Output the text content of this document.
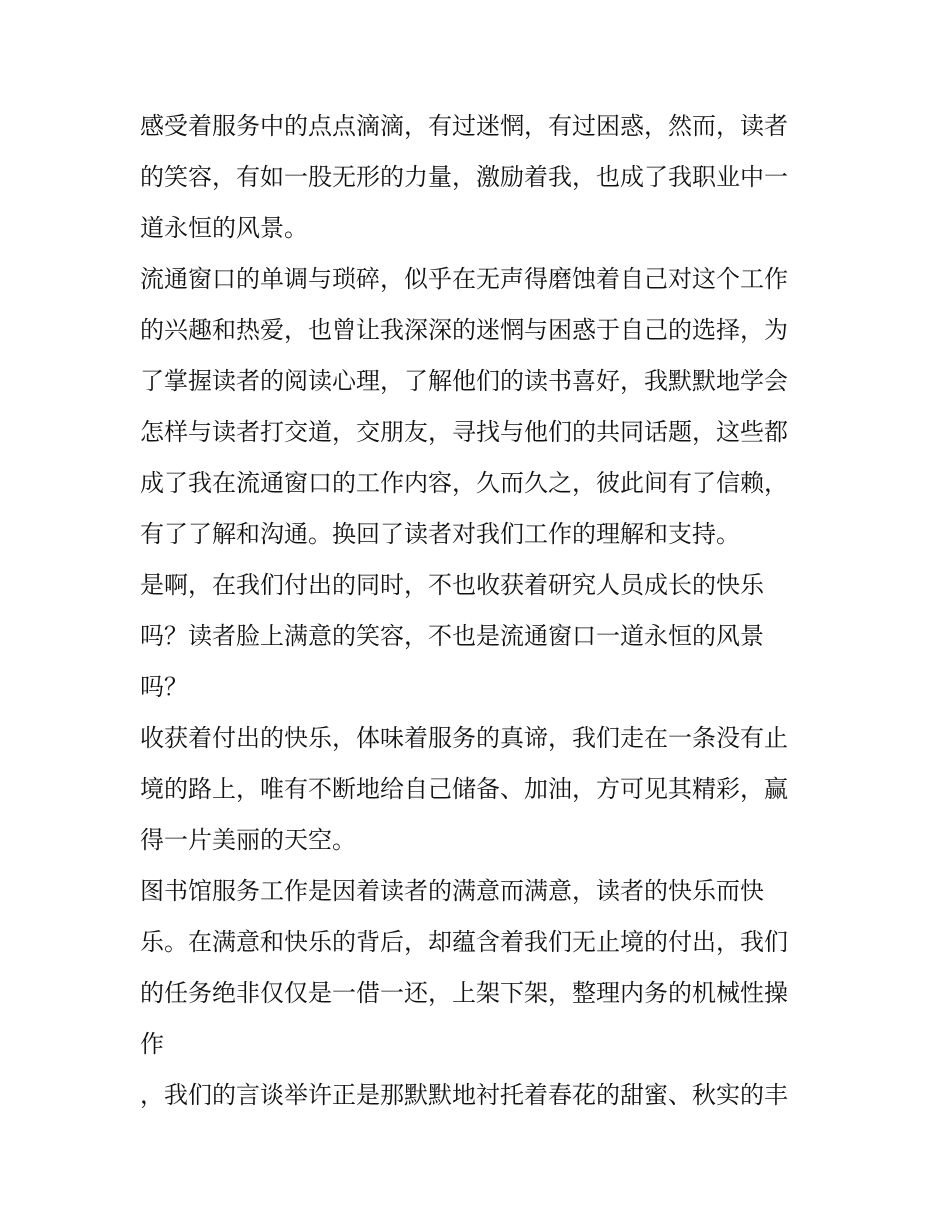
感受着服务中的点点滴滴，有过迷惘，有过困惑，然而，读者
的笑容，有如一股无形的力量，激励着我，也成了我职业中一
道永恒的风景。
流通窗口的单调与琐碎，似乎在无声得磨蚀着自己对这个工作
的兴趣和热爱，也曾让我深深的迷惘与困惑于自己的选择，为
了掌握读者的阅读心理，了解他们的读书喜好，我默默地学会
怎样与读者打交道，交朋友，寻找与他们的共同话题，这些都
成了我在流通窗口的工作内容，久而久之，彼此间有了信赖，
有了了解和沟通。换回了读者对我们工作的理解和支持。
是啊，在我们付出的同时，不也收获着研究人员成长的快乐
吗？读者脸上满意的笑容，不也是流通窗口一道永恒的风景
吗？
收获着付出的快乐，体味着服务的真谛，我们走在一条没有止
境的路上，唯有不断地给自己储备、加油，方可见其精彩，赢
得一片美丽的天空。
图书馆服务工作是因着读者的满意而满意，读者的快乐而快
乐。在满意和快乐的背后，却蕴含着我们无止境的付出，我们
的任务绝非仅仅是一借一还，上架下架，整理内务的机械性操
作
，我们的言谈举许正是那默默地衬托着春花的甜蜜、秋实的丰
